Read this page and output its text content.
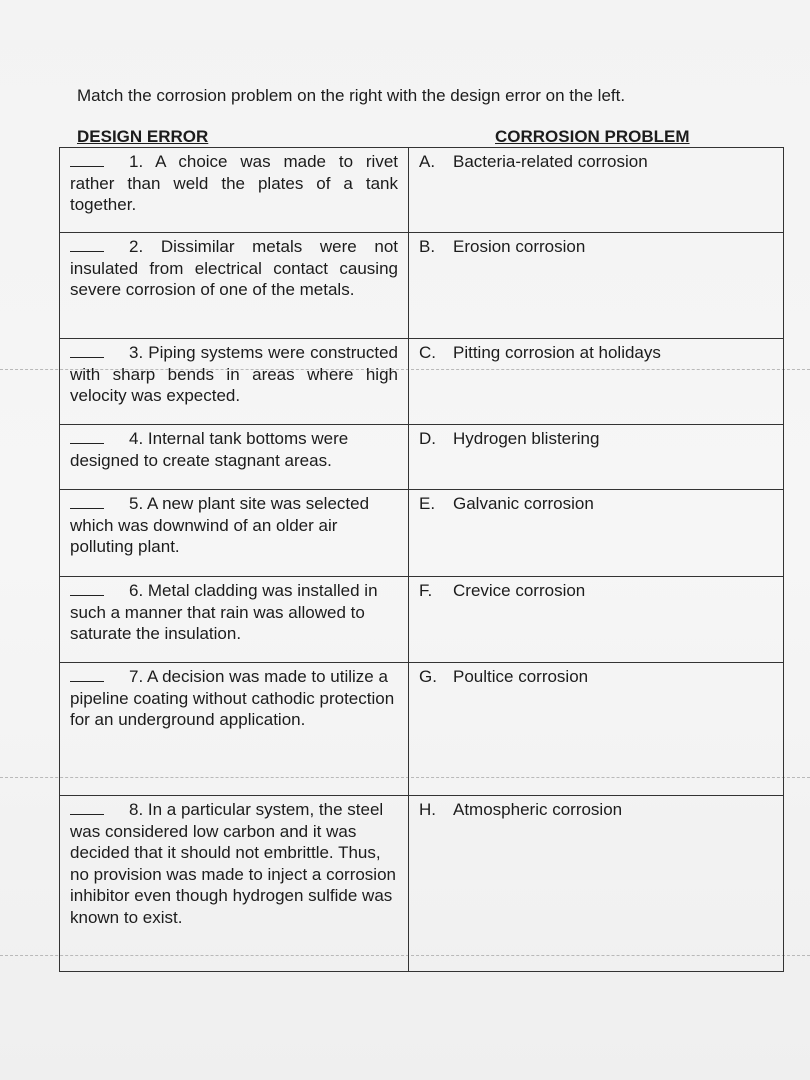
Match the corrosion problem on the right with the design error on the left.
DESIGN ERROR	CORROSION PROBLEM
1. A choice was made to rivet rather than weld the plates of a tank together.	A. Bacteria-related corrosion
2. Dissimilar metals were not insulated from electrical contact causing severe corrosion of one of the metals.	B. Erosion corrosion
3. Piping systems were constructed with sharp bends in areas where high velocity was expected.	C. Pitting corrosion at holidays
4. Internal tank bottoms were designed to create stagnant areas.	D. Hydrogen blistering
5. A new plant site was selected which was downwind of an older air polluting plant.	E. Galvanic corrosion
6. Metal cladding was installed in such a manner that rain was allowed to saturate the insulation.	F. Crevice corrosion
7. A decision was made to utilize a pipeline coating without cathodic protection for an underground application.	G. Poultice corrosion
8. In a particular system, the steel was considered low carbon and it was decided that it should not embrittle. Thus, no provision was made to inject a corrosion inhibitor even though hydrogen sulfide was known to exist.	H. Atmospheric corrosion
